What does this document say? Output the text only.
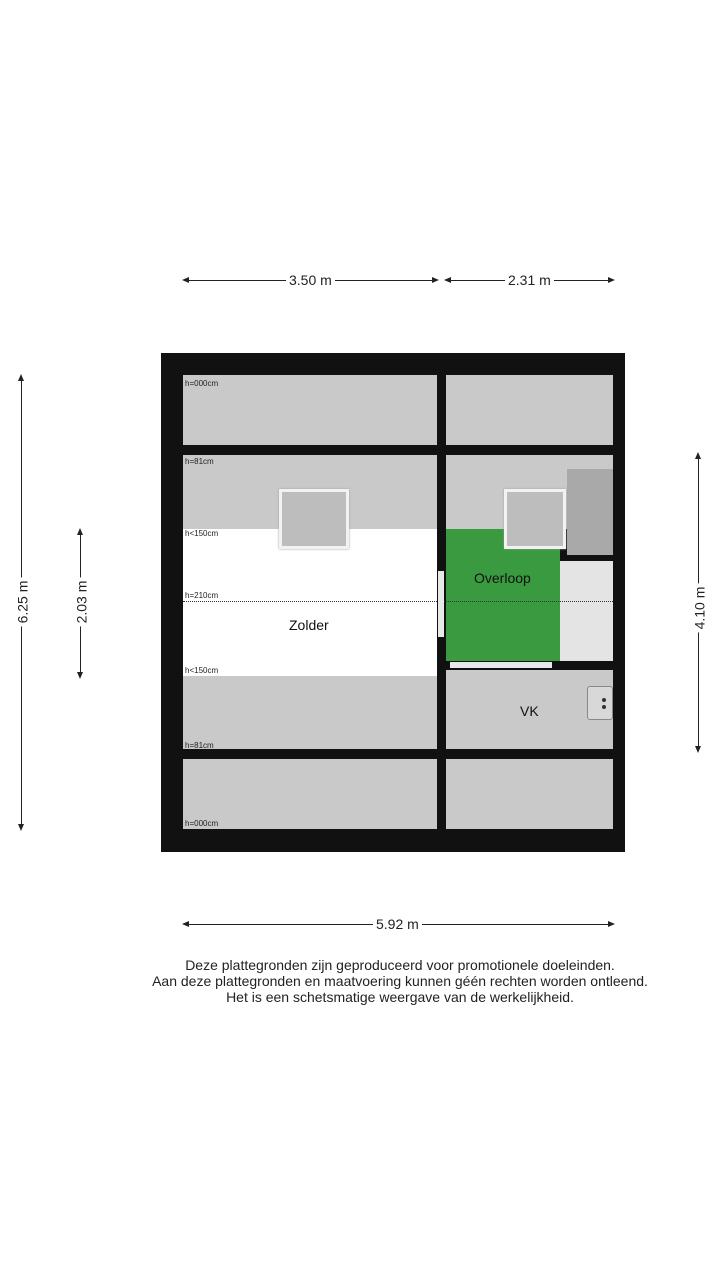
3.50 m	2.31 m
6.25 m	2.03 m	4.10 m
h=000cm
h=81cm
h<150cm
h=210cm
h<150cm
h=81cm
h=000cm
Zolder
Overloop
VK
5.92 m
Deze plattegronden zijn geproduceerd voor promotionele doeleinden.
Aan deze plattegronden en maatvoering kunnen géén rechten worden ontleend.
Het is een schetsmatige weergave van de werkelijkheid.
